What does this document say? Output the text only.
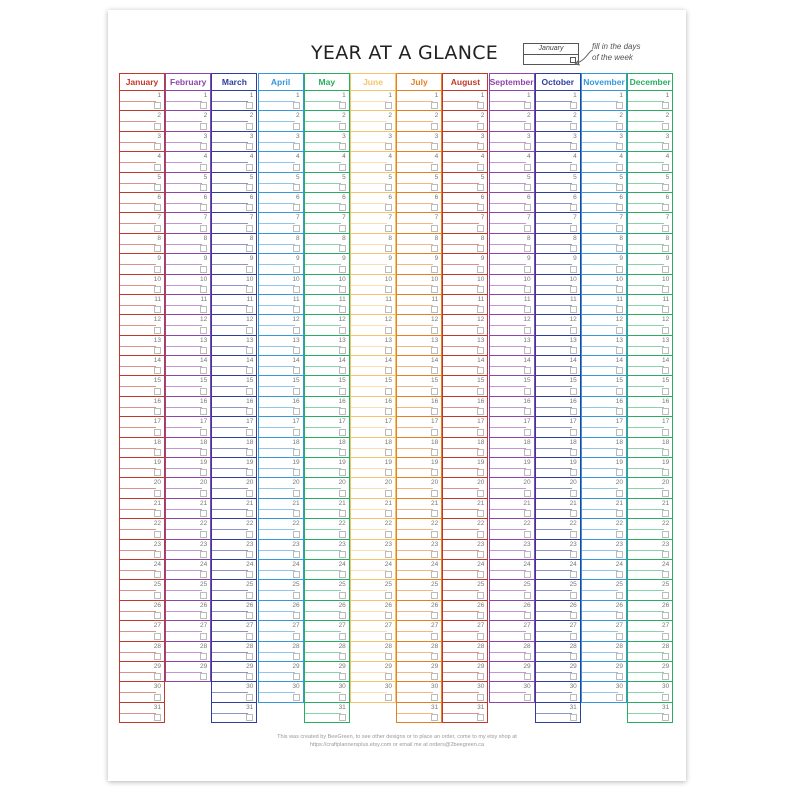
YEAR AT A GLANCE	January	fill in the days
of the week
January
1
2
3
4
5
6
7
8
9
10
11
12
13
14
15
16
17
18
19
20
21
22
23
24
25
26
27
28
29
30
31
February
1
2
3
4
5
6
7
8
9
10
11
12
13
14
15
16
17
18
19
20
21
22
23
24
25
26
27
28
29
March
1
2
3
4
5
6
7
8
9
10
11
12
13
14
15
16
17
18
19
20
21
22
23
24
25
26
27
28
29
30
31
April
1
2
3
4
5
6
7
8
9
10
11
12
13
14
15
16
17
18
19
20
21
22
23
24
25
26
27
28
29
30
May
1
2
3
4
5
6
7
8
9
10
11
12
13
14
15
16
17
18
19
20
21
22
23
24
25
26
27
28
29
30
31
June
1
2
3
4
5
6
7
8
9
10
11
12
13
14
15
16
17
18
19
20
21
22
23
24
25
26
27
28
29
30
July
1
2
3
4
5
6
7
8
9
10
11
12
13
14
15
16
17
18
19
20
21
22
23
24
25
26
27
28
29
30
31
August
1
2
3
4
5
6
7
8
9
10
11
12
13
14
15
16
17
18
19
20
21
22
23
24
25
26
27
28
29
30
31
September
1
2
3
4
5
6
7
8
9
10
11
12
13
14
15
16
17
18
19
20
21
22
23
24
25
26
27
28
29
30
October
1
2
3
4
5
6
7
8
9
10
11
12
13
14
15
16
17
18
19
20
21
22
23
24
25
26
27
28
29
30
31
November
1
2
3
4
5
6
7
8
9
10
11
12
13
14
15
16
17
18
19
20
21
22
23
24
25
26
27
28
29
30
December
1
2
3
4
5
6
7
8
9
10
11
12
13
14
15
16
17
18
19
20
21
22
23
24
25
26
27
28
29
30
31
This was created by BeeGreen, to see other designs or to place an order, come to my etsy shop at
https://craftplannersplus.etsy.com or email me at orders@2beegreen.ca
